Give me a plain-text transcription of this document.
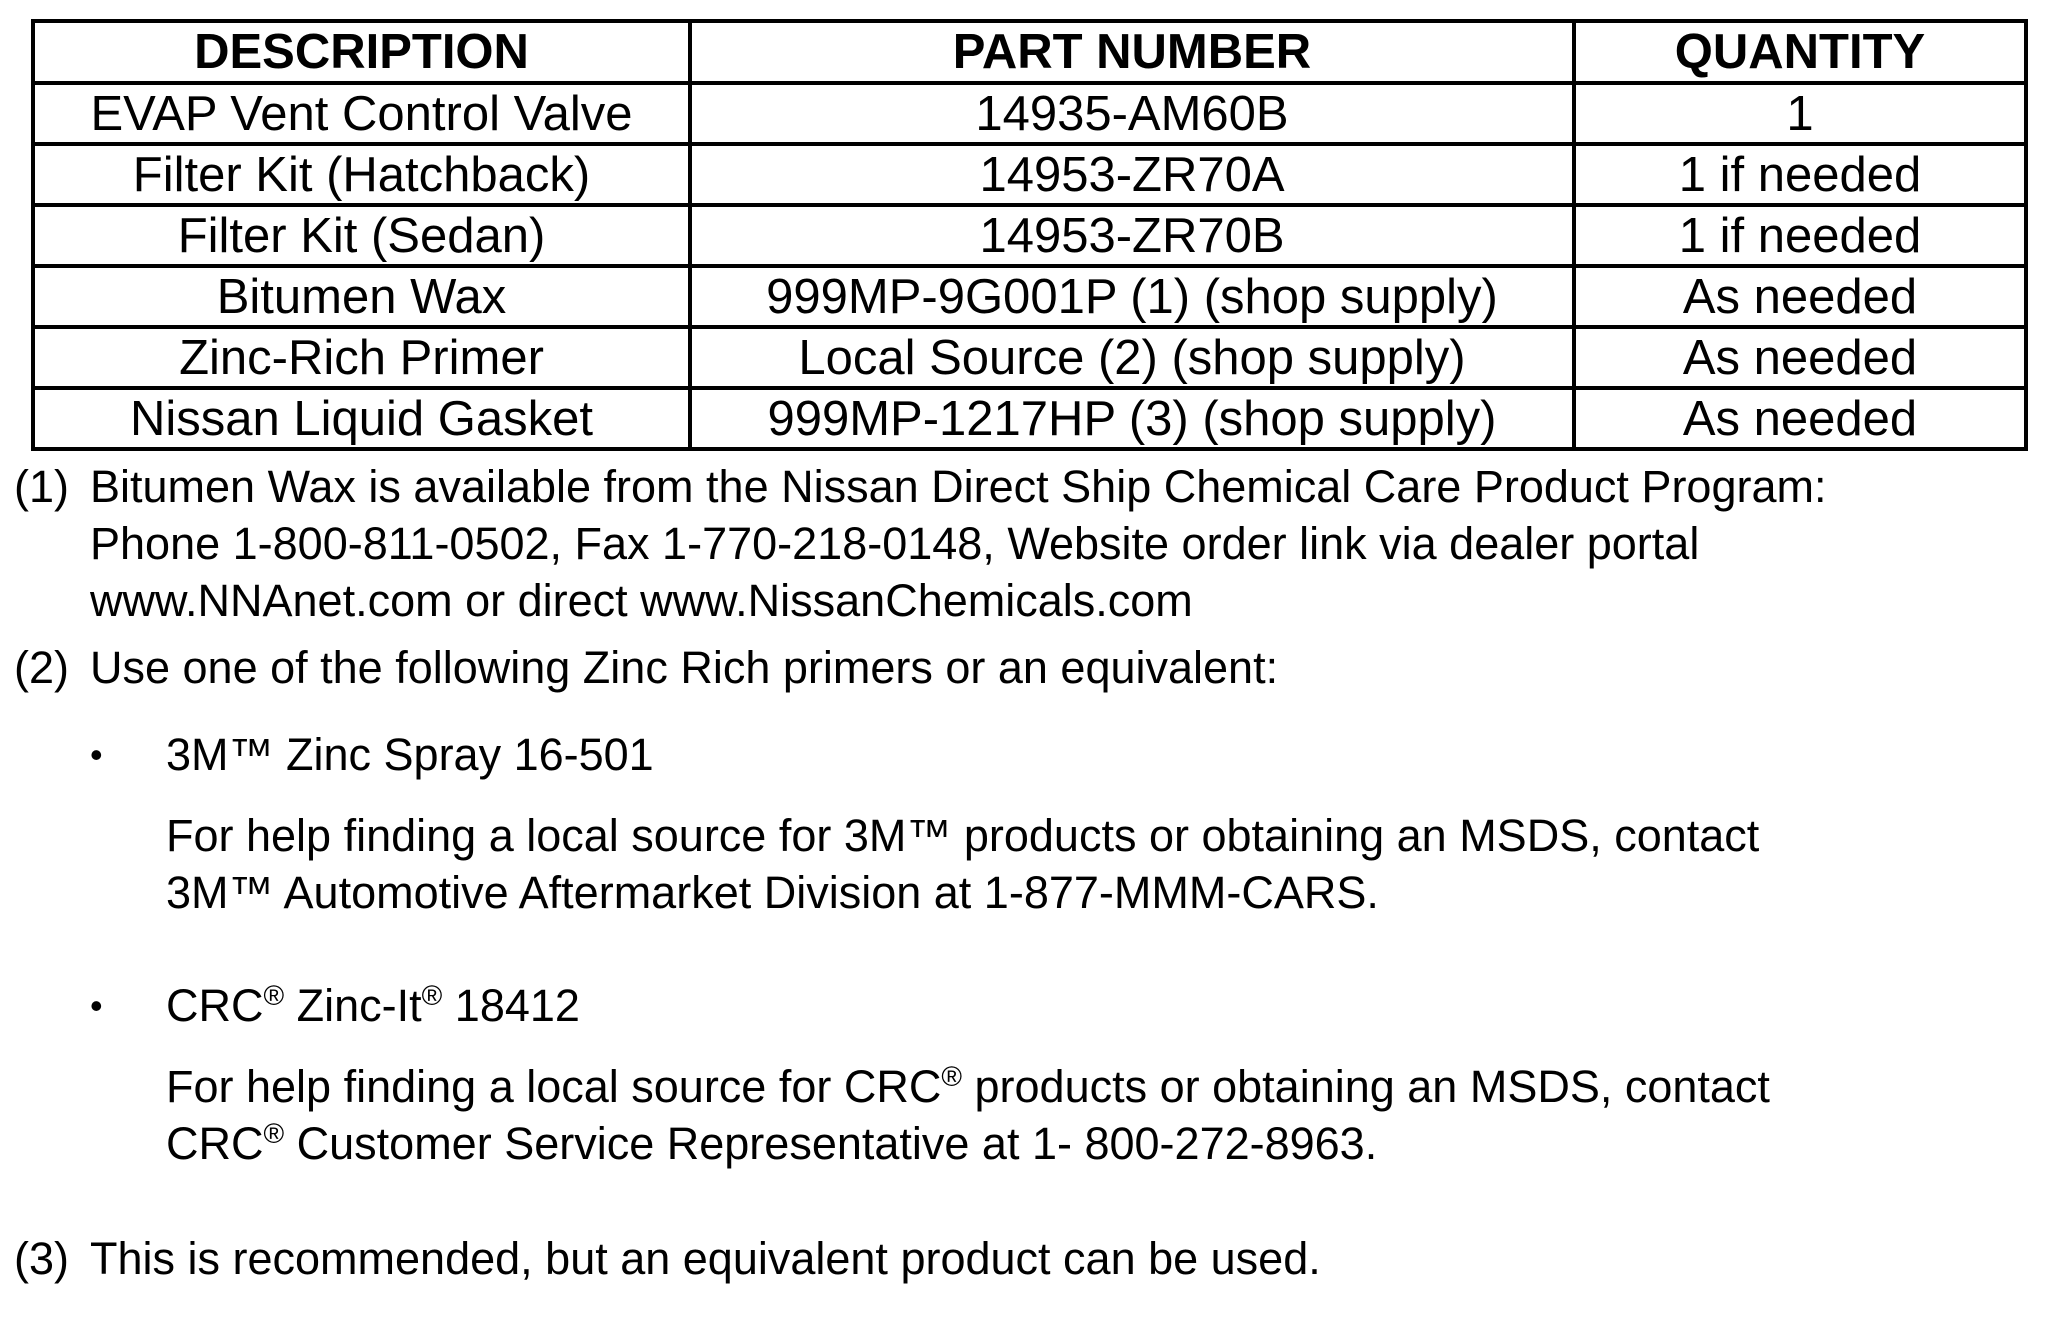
DESCRIPTION	PART NUMBER	QUANTITY
EVAP Vent Control Valve	14935-AM60B	1
Filter Kit (Hatchback)	14953-ZR70A	1 if needed
Filter Kit (Sedan)	14953-ZR70B	1 if needed
Bitumen Wax	999MP-9G001P (1) (shop supply)	As needed
Zinc-Rich Primer	Local Source (2) (shop supply)	As needed
Nissan Liquid Gasket	999MP-1217HP (3) (shop supply)	As needed
(1) Bitumen Wax is available from the Nissan Direct Ship Chemical Care Product Program:
Phone 1-800-811-0502, Fax 1-770-218-0148, Website order link via dealer portal
www.NNAnet.com or direct www.NissanChemicals.com
(2) Use one of the following Zinc Rich primers or an equivalent:
•	3M™ Zinc Spray 16-501
For help finding a local source for 3M™ products or obtaining an MSDS, contact
3M™ Automotive Aftermarket Division at 1-877-MMM-CARS.
•	CRC® Zinc-It® 18412
For help finding a local source for CRC® products or obtaining an MSDS, contact
CRC® Customer Service Representative at 1- 800-272-8963.
(3) This is recommended, but an equivalent product can be used.
